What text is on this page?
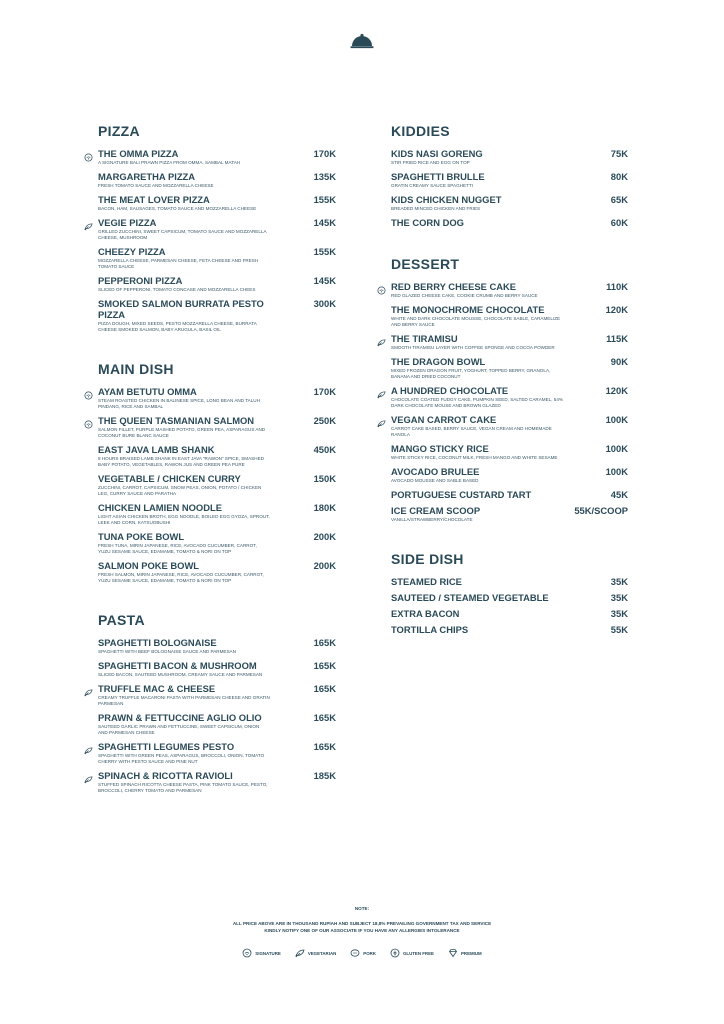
PIZZA
THE OMMA PIZZA	170K
A SIGNATURE BALI PRAWN PIZZA FROM OMMA, SAMBAL MATAH
MARGARETHA PIZZA	135K
FRESH TOMATO SAUCE AND MOZZARELLA CHEESE
THE MEAT LOVER PIZZA	155K
BACON, HAM, SAUSAGES, TOMATO SAUCE AND MOZZARELLA CHEESE
VEGIE PIZZA	145K
GRILLED ZUCCHINI, SWEET CAPSICUM, TOMATO SAUCE AND MOZZARELLA CHEESE, MUSHROOM
CHEEZY PIZZA	155K
MOZZARELLA CHEESE, PARMESAN CHEESE, FETA CHEESE AND FRESH TOMATO SAUCE
PEPPERONI PIZZA	145K
SLICED OF PEPPERONI, TOMATO CONCASE AND MOZZARELLA CHEES
SMOKED SALMON BURRATA PESTO PIZZA
300K
PIZZA DOUGH, MIXED SEEDS, PESTO MOZZARELLA CHEESE, BURRATA CHEESE SMOKED SALMON, BABY ARUGULA, BASIL OIL
MAIN DISH
AYAM BETUTU OMMA	170K
STEAM ROASTED CHICKEN IN BALINESE SPICE, LONG BEAN AND TALUH PINDANG, RICE AND SAMBAL
THE QUEEN TASMANIAN SALMON	250K
SALMON FILLET, PURPLE MASHED POTATO, GREEN PEA, ASPARAGUS AND COCONUT BURE BLANC SAUCE
EAST JAVA LAMB SHANK	450K
8 HOURS BRAISED LAMB SHANK IN EAST JAVA "RAWON" SPICE, SMASHED BABY POTATO, VEGETABLES, RAWON JUS AND GREEN PEA PURE
VEGETABLE / CHICKEN CURRY	150K
ZUCCHINI, CARROT, CAPSICUM, SNOW PEAS, ONION, POTATO / CHICKEN LEG, CURRY SAUCE AND PARATHA
CHICKEN LAMIEN NOODLE	180K
LIGHT ASIAN CHICKEN BROTH, EGG NOODLE, BOILED EGG GYOZA, SPROUT, LEEK AND CORN, KATSUOBUSHI
TUNA POKE BOWL	200K
FRESH TUNA, MIRIN JAPANESE, RICE, AVOCADO CUCUMBER, CARROT, YUZU SESAME SAUCE, EDAMAME, TOMATO & NORI ON TOP
SALMON POKE BOWL	200K
FRESH SALMON, MIRIN JAPANESE, RICE, AVOCADO CUCUMBER, CARROT, YUZU SESAME SAUCE, EDAMAME, TOMATO & NORI ON TOP
PASTA
SPAGHETTI BOLOGNAISE	165K
SPAGHETTI WITH BEEF BOLOGNAISE SAUCE AND PARMESAN
SPAGHETTI BACON & MUSHROOM	165K
SLICED BACON, SAUTEED MUSHROOM, CREAMY SAUCE AND PARMESAN
TRUFFLE MAC & CHEESE	165K
CREAMY TRUFFLE MACARONI PASTA WITH PARMESAN CHEESE AND GRATIN PARMESAN
PRAWN & FETTUCCINE AGLIO OLIO	165K
SAUTEED GARLIC PRAWN AND FETTUCCINE, SWEET CAPSICUM, ONION AND PARMESAN CHEESE
SPAGHETTI LEGUMES PESTO	165K
SPAGHETTI WITH GREEN PEAS, ASPARAGUS, BROCCOLI, ONION, TOMATO CHERRY WITH PESTO SAUCE AND PINE NUT
SPINACH & RICOTTA RAVIOLI	185K
STUFFED SPINACH RICOTTA CHEESE PASTA, PINK TOMATO SAUCE, PESTO, BROCCOLI, CHERRY TOMATO AND PARMESAN
KIDDIES
KIDS NASI GORENG	75K
STIR FRIED RICE AND EGG ON TOP
SPAGHETTI BRULLE	80K
GRATIN CREAMY SAUCE SPAGHETTI
KIDS CHICKEN NUGGET	65K
BREADED MINCED CHICKEN AND FRIES
THE CORN DOG	60K
DESSERT
RED BERRY CHEESE CAKE	110K
RED GLAZED CHEESE CAKE, COOKIE CRUMB AND BERRY SAUCE
THE MONOCHROME CHOCOLATE	120K
WHITE AND DARK CHOCOLATE MOUSSE, CHOCOLATE SABLE, CARAMELIZE AND BERRY SAUCE
THE TIRAMISU	115K
SMOOTH TIRAMISU LAYER WITH COFFEE SPONGE AND COCOA POWDER
THE DRAGON BOWL	90K
MIXED FROZEN DRAGON FRUIT, YOGHURT, TOPPED BERRY, GRANOLA, BANANA AND DRIED COCONUT
A HUNDRED CHOCOLATE	120K
CHOCOLATE COATED FUDGY CAKE, PUMPKIN SEED, SALTED CARAMEL, 54% DARK CHOCOLATE MOUSE AND BROWN GLAZED
VEGAN CARROT CAKE	100K
CARROT CAKE BASED, BERRY SAUCE, VEGAN CREAM AND HOMEMADE RANOLA
MANGO STICKY RICE	100K
WHITE STICKY RICE, COCONUT MILK, FRESH MANGO AND WHITE SESAME
AVOCADO BRULEE	100K
AVOCADO MOUSSE AND SABLE BASED
PORTUGUESE CUSTARD TART	45K
ICE CREAM SCOOP	55K/SCOOP
VANILLA/STRAWBERRY/CHOCOLATE
SIDE DISH
STEAMED RICE	35K
SAUTEED / STEAMED VEGETABLE	35K
EXTRA BACON	35K
TORTILLA CHIPS	55K
NOTE:
ALL PRICE ABOVE ARE IN THOUSAND RUPIAH AND SUBJECT 18,8% PREVAILING GOVERNMENT TAX AND SERVICE
KINDLY NOTIFY ONE OF OUR ASSOCIATE IF YOU HAVE ANY ALLERGIES INTOLERANCE
SIGNATURE	VEGETARIAN	PORK	GLUTEN FREE	PREMIUM
